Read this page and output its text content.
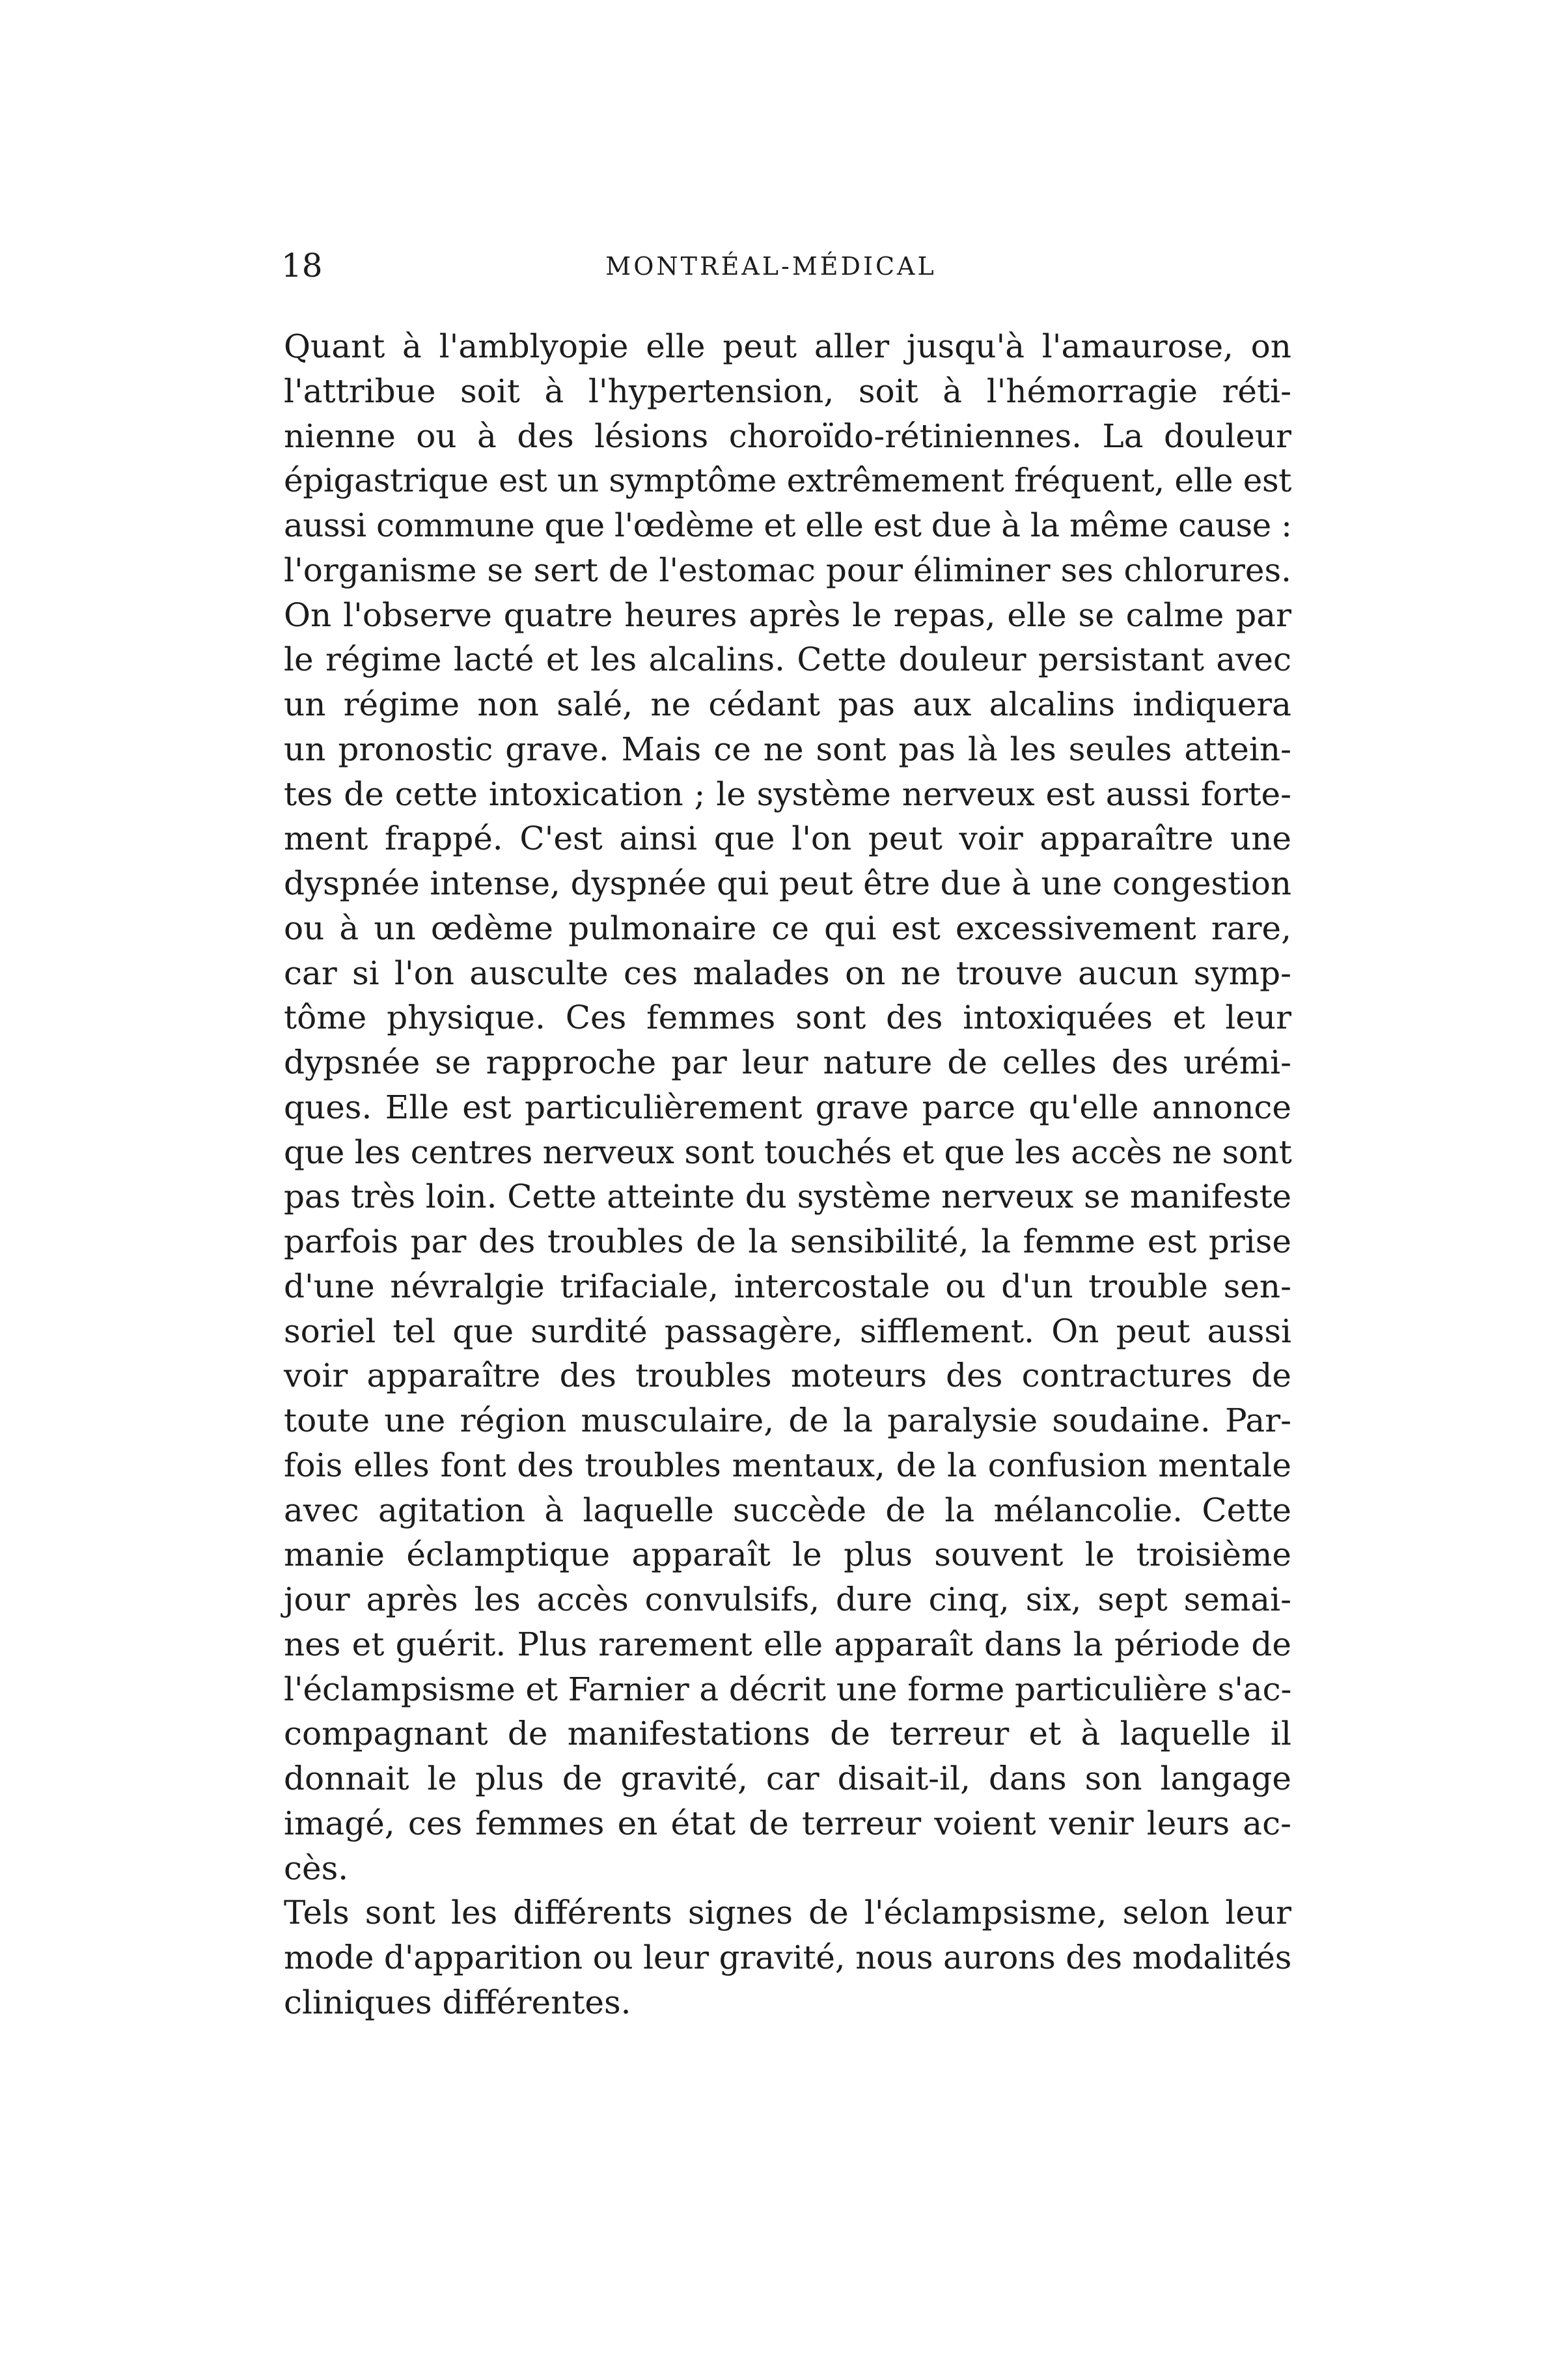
18	MONTRÉAL-MÉDICAL
Quant à l'amblyopie elle peut aller jusqu'à l'amaurose, on
l'attribue soit à l'hypertension, soit à l'hémorragie réti-
nienne ou à des lésions choroïdo-rétiniennes. La douleur
épigastrique est un symptôme extrêmement fréquent, elle est
aussi commune que l'œdème et elle est due à la même cause :
l'organisme se sert de l'estomac pour éliminer ses chlorures.
On l'observe quatre heures après le repas, elle se calme par
le régime lacté et les alcalins. Cette douleur persistant avec
un régime non salé, ne cédant pas aux alcalins indiquera
un pronostic grave. Mais ce ne sont pas là les seules attein-
tes de cette intoxication ; le système nerveux est aussi forte-
ment frappé. C'est ainsi que l'on peut voir apparaître une
dyspnée intense, dyspnée qui peut être due à une congestion
ou à un œdème pulmonaire ce qui est excessivement rare,
car si l'on ausculte ces malades on ne trouve aucun symp-
tôme physique. Ces femmes sont des intoxiquées et leur
dypsnée se rapproche par leur nature de celles des urémi-
ques. Elle est particulièrement grave parce qu'elle annonce
que les centres nerveux sont touchés et que les accès ne sont
pas très loin. Cette atteinte du système nerveux se manifeste
parfois par des troubles de la sensibilité, la femme est prise
d'une névralgie trifaciale, intercostale ou d'un trouble sen-
soriel tel que surdité passagère, sifflement. On peut aussi
voir apparaître des troubles moteurs des contractures de
toute une région musculaire, de la paralysie soudaine. Par-
fois elles font des troubles mentaux, de la confusion mentale
avec agitation à laquelle succède de la mélancolie. Cette
manie éclamptique apparaît le plus souvent le troisième
jour après les accès convulsifs, dure cinq, six, sept semai-
nes et guérit. Plus rarement elle apparaît dans la période de
l'éclampsisme et Farnier a décrit une forme particulière s'ac-
compagnant de manifestations de terreur et à laquelle il
donnait le plus de gravité, car disait-il, dans son langage
imagé, ces femmes en état de terreur voient venir leurs ac-
cès.
Tels sont les différents signes de l'éclampsisme, selon leur
mode d'apparition ou leur gravité, nous aurons des modalités
cliniques différentes.
